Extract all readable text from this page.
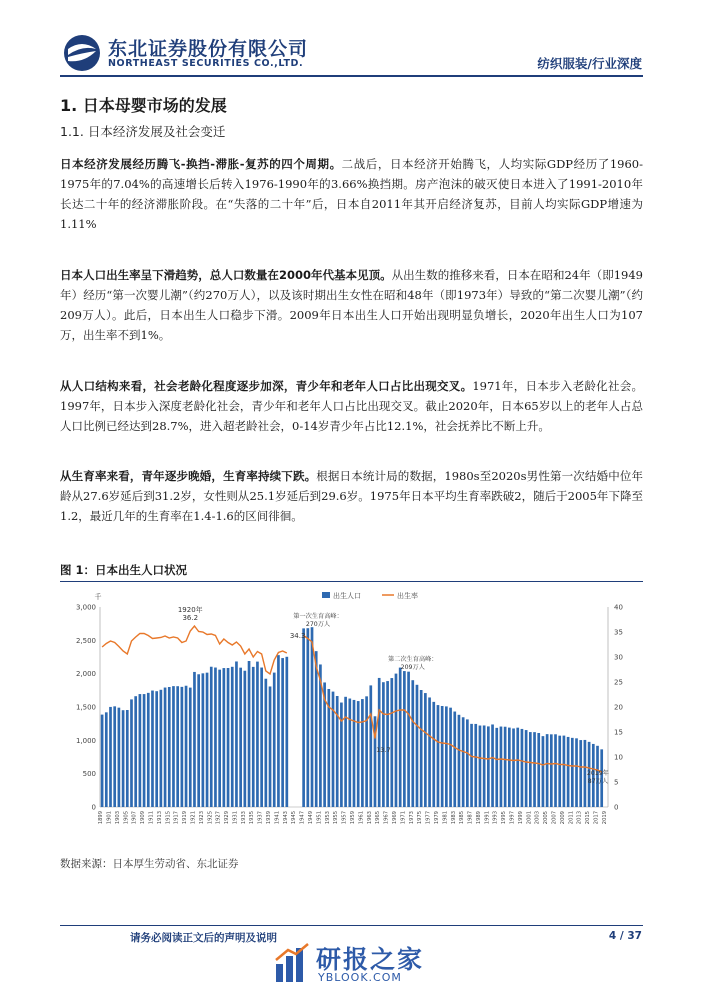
东北证券股份有限公司
NORTHEAST SECURITIES CO.,LTD.	纺织服装/行业深度
1. 日本母婴市场的发展
1.1. 日本经济发展及社会变迁
日本经济发展经历腾飞-换挡-滞胀-复苏的四个周期。二战后，日本经济开始腾飞，人均实际GDP经历了1960-1975年的7.04%的高速增长后转入1976-1990年的3.66%换挡期。房产泡沫的破灭使日本进入了1991-2010年长达二十年的经济滞胀阶段。在“失落的二十年”后，日本自2011年其开启经济复苏，目前人均实际GDP增速为1.11%
日本人口出生率呈下滑趋势，总人口数量在2000年代基本见顶。从出生数的推移来看，日本在昭和24年（即1949年）经历“第一次婴儿潮”（约270万人），以及该时期出生女性在昭和48年（即1973年）导致的“第二次婴儿潮”（约209万人）。此后，日本出生人口稳步下滑。2009年日本出生人口开始出现明显负增长，2020年出生人口为107万，出生率不到1%。
从人口结构来看，社会老龄化程度逐步加深，青少年和老年人口占比出现交叉。1971年，日本步入老龄化社会。1997年，日本步入深度老龄化社会，青少年和老年人口占比出现交叉。截止2020年，日本65岁以上的老年人占总人口比例已经达到28.7%，进入超老龄社会，0-14岁青少年占比12.1%，社会抚养比不断上升。
从生育率来看，青年逐步晚婚，生育率持续下跌。根据日本统计局的数据，1980s至2020s男性第一次结婚中位年龄从27.6岁延后到31.2岁，女性则从25.1岁延后到29.6岁。1975年日本平均生育率跌破2，随后于2005年下降至1.2，最近几年的生育率在1.4-1.6的区间徘徊。
图 1：日本出生人口状况
0
500
1,000
1,500
2,000
2,500
3,000
千
0
5
10
15
20
25
30
35
40
1899 1901 1903 1905 1907 1909 1911 1913 1915 1917 1919 1921 1923 1925 1927 1929 1931 1933 1935 1937 1939 1941 1943 1945 1947 1949 1951 1953 1955 1957 1959 1961 1963 1965 1967 1969 1971 1973 1975 1977 1979 1981 1983 1985 1987 1989 1991 1993 1995 1997 1999 2001 2003 2005 2007 2009 2011 2013 2015 2017 2019
出生人口	出生率
1920年
36.2
34.3
第一次生育高峰：
270万人
第二次生育高峰：
209万人
13.7
2019年
87万人
数据来源：日本厚生劳动省、东北证券
请务必阅读正文后的声明及说明	4 / 37
研报之家
YBLOOK.COM
